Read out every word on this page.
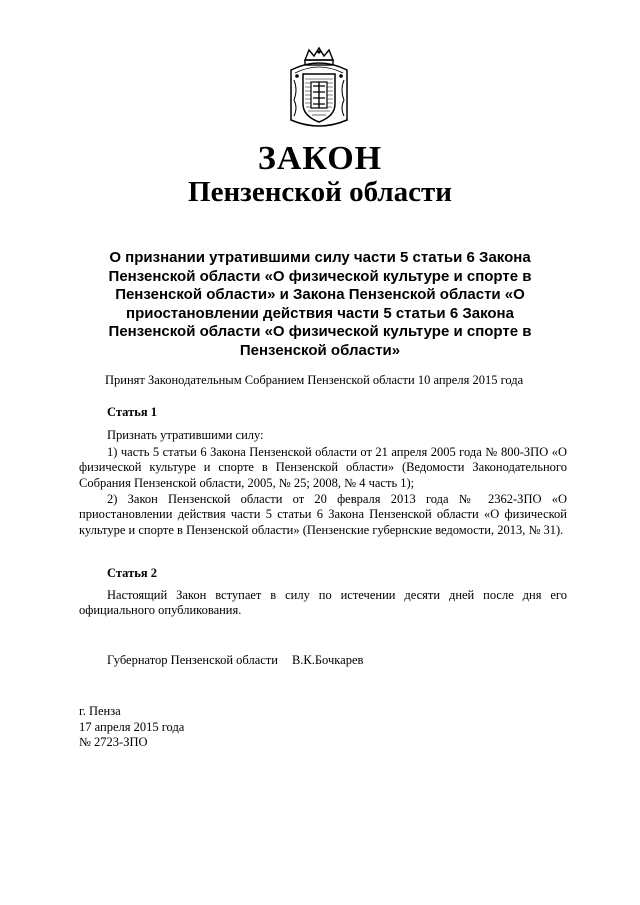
ЗАКОН
Пензенской области
О признании утратившими силу части 5 статьи 6 Закона Пензенской области «О физической культуре и спорте в Пензенской области» и Закона Пензенской области «О приостановлении действия части 5 статьи 6 Закона Пензенской области «О физической культуре и спорте в Пензенской области»
Принят Законодательным Собранием Пензенской области 10 апреля 2015 года
Статья 1
Признать утратившими силу:
1) часть 5 статьи 6 Закона Пензенской области от 21 апреля 2005 года № 800-ЗПО «О физической культуре и спорте в Пензенской области» (Ведомости Законодательного Собрания Пензенской области, 2005, № 25; 2008, № 4 часть 1);
2) Закон Пензенской области от 20 февраля 2013 года № 2362-ЗПО «О приостановлении действия части 5 статьи 6 Закона Пензенской области «О физической культуре и спорте в Пензенской области» (Пензенские губернские ведомости, 2013, № 31).
Статья 2
Настоящий Закон вступает в силу по истечении десяти дней после дня его официального опубликования.
Губернатор Пензенской области В.К.Бочкарев
г. Пенза
17 апреля 2015 года
№ 2723-ЗПО
